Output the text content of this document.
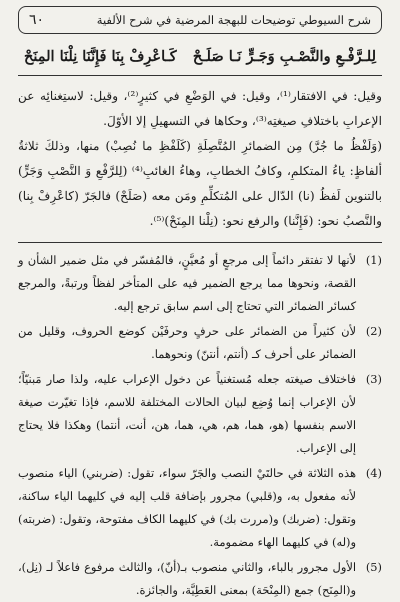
شرح السيوطي توضيحات للبهجة المرضية في شرح الألفية
٦٠
لِلـرَّفْـعِ والنَّصْـبِ وَجَـرٍّ نَـا صَلَـحْ
كَـاعْرِفْ بِنَا فَإِنَّنَا نِلْنَا المِنَحْ

وقيل: في الافتقار⁽¹⁾، وقيل: في الوَضْعِ في كثيرٍ⁽²⁾، وقيل: لاستِغنائِه عن الإعرابِ باختلافِ صيغتِه⁽³⁾، وحكاها في التسهيلِ إلا الأوّلَ.

(وَلَفْظُ ما جُرَّ) مِن الضمائرِ المُتَّصِلَةِ (كَلَفْظِ ما نُصِبْ) منها، وذلكَ ثلاثةُ ألفاظٍ: ياءُ المتكلمِ، وكافُ الخطابِ، وهاءُ الغائبِ⁽⁴⁾ (لِلرَّفْعِ وَ النَّصْبِ وَجَرٍّ) بالتنوين لَفظُ (نا) الدّال على المُتكلِّمِ ومَن معه (صَلَحْ) فالجَرّ (كاعْرِفْ بِنا) والنَّصبُ نحو: (فَإِنَّنا) والرفع نحو: (نِلْنا المِنَحْ)⁽⁵⁾.

(1)

لأنها لا تفتقر دائماً إلى مرجعٍ أو مُعيَّنٍ، فالمُفسّر في مثل ضمير الشأن و القصة، ونحوها مما يرجع الضمير فيه على المتأخر لفظاً ورتبةً، والمرجع كسائر الضمائر التي تحتاج إلى اسم سابق ترجع إليه.

(2)

لأن كثيراً من الضمائر على حرفٍ وحرفَيْن كوضع الحروف، وقليل من الضمائر على أحرف كـ (أنتم، أنتنّ) ونحوهما.

(3)

فاختلاف صيغته جعله مُستغنياً عن دخول الإعراب عليه، ولذا صار مَبنيّاً؛ لأن الإعراب إنما وُضِع لبيان الحالات المختلفة للاسم، فإذا تغيّرت صيغة الاسم بنفسها (هو، هما، هم، هي، هما، هن، أنت، أنتما) وهكذا فلا يحتاج إلى الإعراب.

(4)

هذه الثلاثة في حالتَيْ النصب والجَرّ سواء، تقول: (ضربني) الياء منصوب لأنه مفعول به، و(قلبي) مجرور بإضافة قلب إليه في كليهما الياء ساكنة، وتقول: (ضربك) و(مررت بك) في كليهما الكاف مفتوحة، وتقول: (ضربته) و(له) في كليهما الهاء مضمومة.

(5)

الأول مجرور بالباء، والثاني منصوب بـ(أنّ)، والثالث مرفوع فاعلاً لـ (نِل)، و(المِنَح) جمع (المِنْحَة) بمعنى العَطِيَّة، والجائزة.
